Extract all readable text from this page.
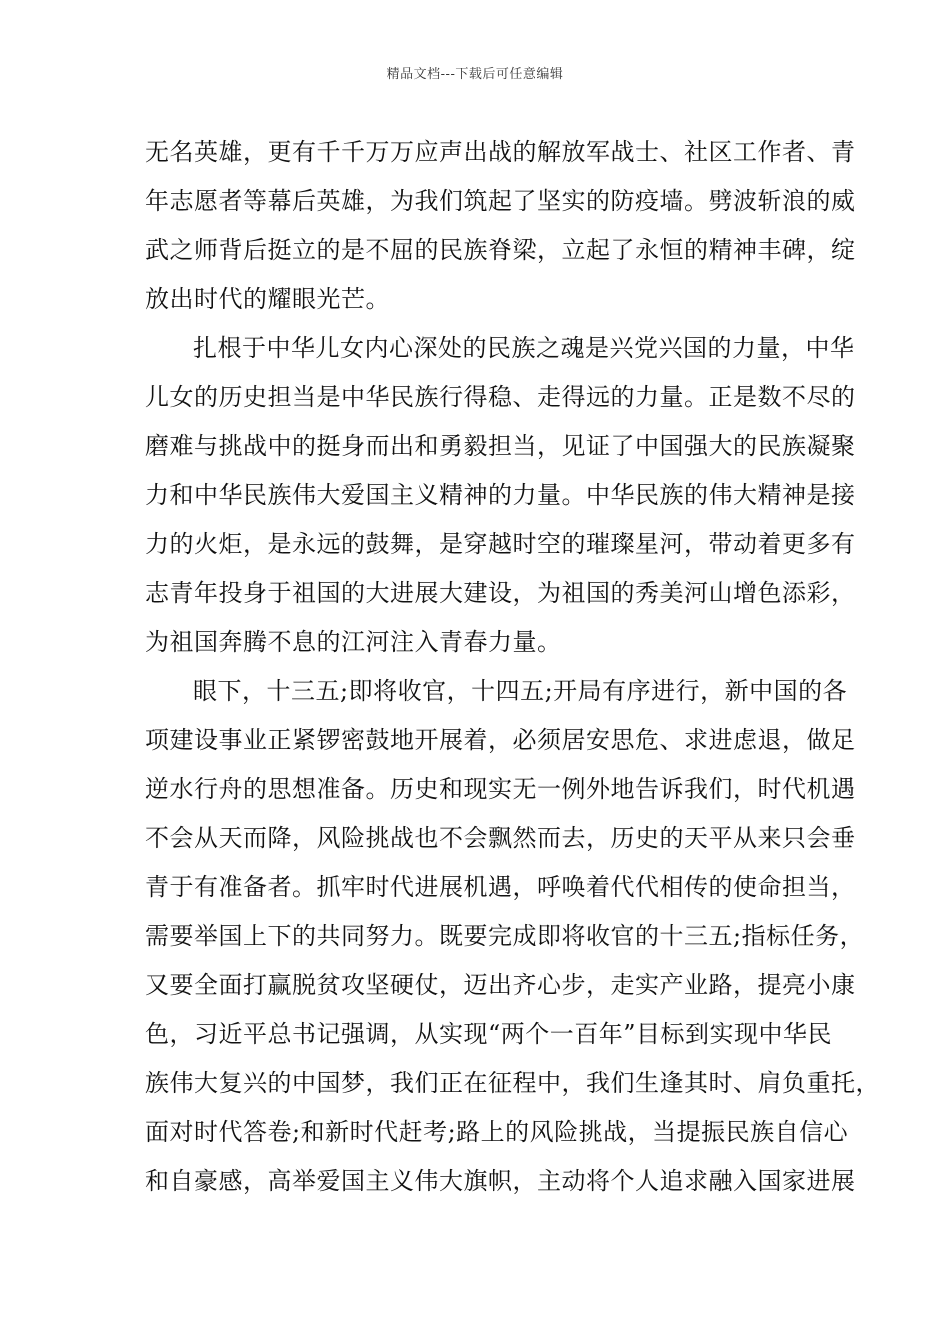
精品文档---下载后可任意编辑
无名英雄，更有千千万万应声出战的解放军战士、社区工作者、青
年志愿者等幕后英雄，为我们筑起了坚实的防疫墙。劈波斩浪的威
武之师背后挺立的是不屈的民族脊梁，立起了永恒的精神丰碑，绽
放出时代的耀眼光芒。
扎根于中华儿女内心深处的民族之魂是兴党兴国的力量，中华
儿女的历史担当是中华民族行得稳、走得远的力量。正是数不尽的
磨难与挑战中的挺身而出和勇毅担当，见证了中国强大的民族凝聚
力和中华民族伟大爱国主义精神的力量。中华民族的伟大精神是接
力的火炬，是永远的鼓舞，是穿越时空的璀璨星河，带动着更多有
志青年投身于祖国的大进展大建设，为祖国的秀美河山增色添彩，
为祖国奔腾不息的江河注入青春力量。
眼下，十三五;即将收官，十四五;开局有序进行，新中国的各
项建设事业正紧锣密鼓地开展着，必须居安思危、求进虑退，做足
逆水行舟的思想准备。历史和现实无一例外地告诉我们，时代机遇
不会从天而降，风险挑战也不会飘然而去，历史的天平从来只会垂
青于有准备者。抓牢时代进展机遇，呼唤着代代相传的使命担当，
需要举国上下的共同努力。既要完成即将收官的十三五;指标任务，
又要全面打赢脱贫攻坚硬仗，迈出齐心步，走实产业路，提亮小康
色，习近平总书记强调，从实现“两个一百年”目标到实现中华民
族伟大复兴的中国梦，我们正在征程中，我们生逢其时、肩负重托，
面对时代答卷;和新时代赶考;路上的风险挑战，当提振民族自信心
和自豪感，高举爱国主义伟大旗帜，主动将个人追求融入国家进展
